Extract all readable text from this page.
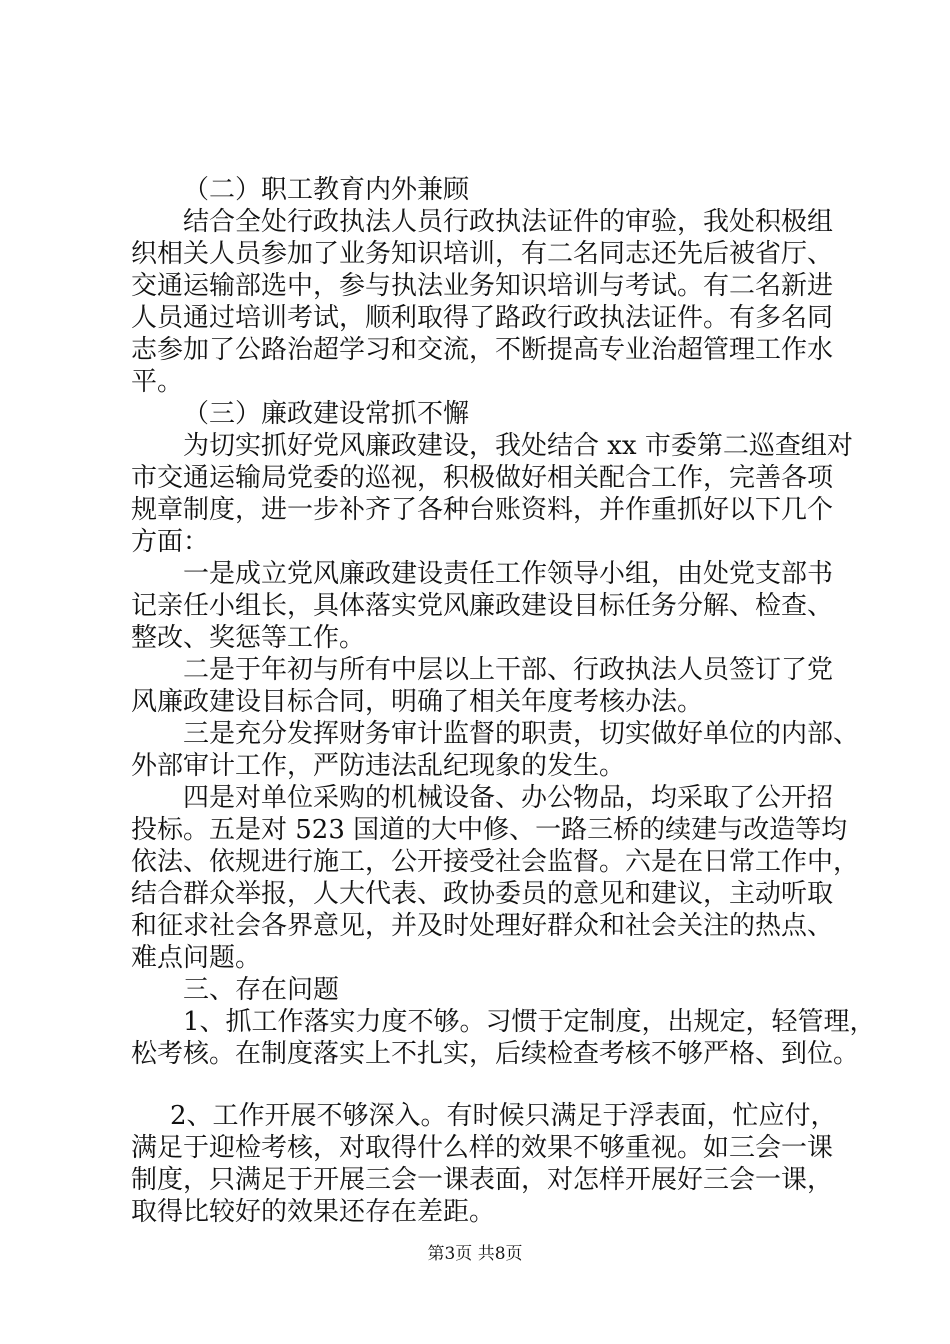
（二）职工教育内外兼顾
结合全处行政执法人员行政执法证件的审验，我处积极组
织相关人员参加了业务知识培训，有二名同志还先后被省厅、
交通运输部选中，参与执法业务知识培训与考试。有二名新进
人员通过培训考试，顺利取得了路政行政执法证件。有多名同
志参加了公路治超学习和交流，不断提高专业治超管理工作水
平。
（三）廉政建设常抓不懈
为切实抓好党风廉政建设，我处结合 xx 市委第二巡查组对
市交通运输局党委的巡视，积极做好相关配合工作，完善各项
规章制度，进一步补齐了各种台账资料，并作重抓好以下几个
方面：
一是成立党风廉政建设责任工作领导小组，由处党支部书
记亲任小组长，具体落实党风廉政建设目标任务分解、检查、
整改、奖惩等工作。
二是于年初与所有中层以上干部、行政执法人员签订了党
风廉政建设目标合同，明确了相关年度考核办法。
三是充分发挥财务审计监督的职责，切实做好单位的内部、
外部审计工作，严防违法乱纪现象的发生。
四是对单位采购的机械设备、办公物品，均采取了公开招
投标。五是对 523 国道的大中修、一路三桥的续建与改造等均
依法、依规进行施工，公开接受社会监督。六是在日常工作中，
结合群众举报，人大代表、政协委员的意见和建议，主动听取
和征求社会各界意见，并及时处理好群众和社会关注的热点、
难点问题。
三、存在问题
1、抓工作落实力度不够。习惯于定制度，出规定，轻管理，
松考核。在制度落实上不扎实，后续检查考核不够严格、到位。
2、工作开展不够深入。有时候只满足于浮表面，忙应付，
满足于迎检考核，对取得什么样的效果不够重视。如三会一课
制度，只满足于开展三会一课表面，对怎样开展好三会一课，
取得比较好的效果还存在差距。
第3页 共8页
